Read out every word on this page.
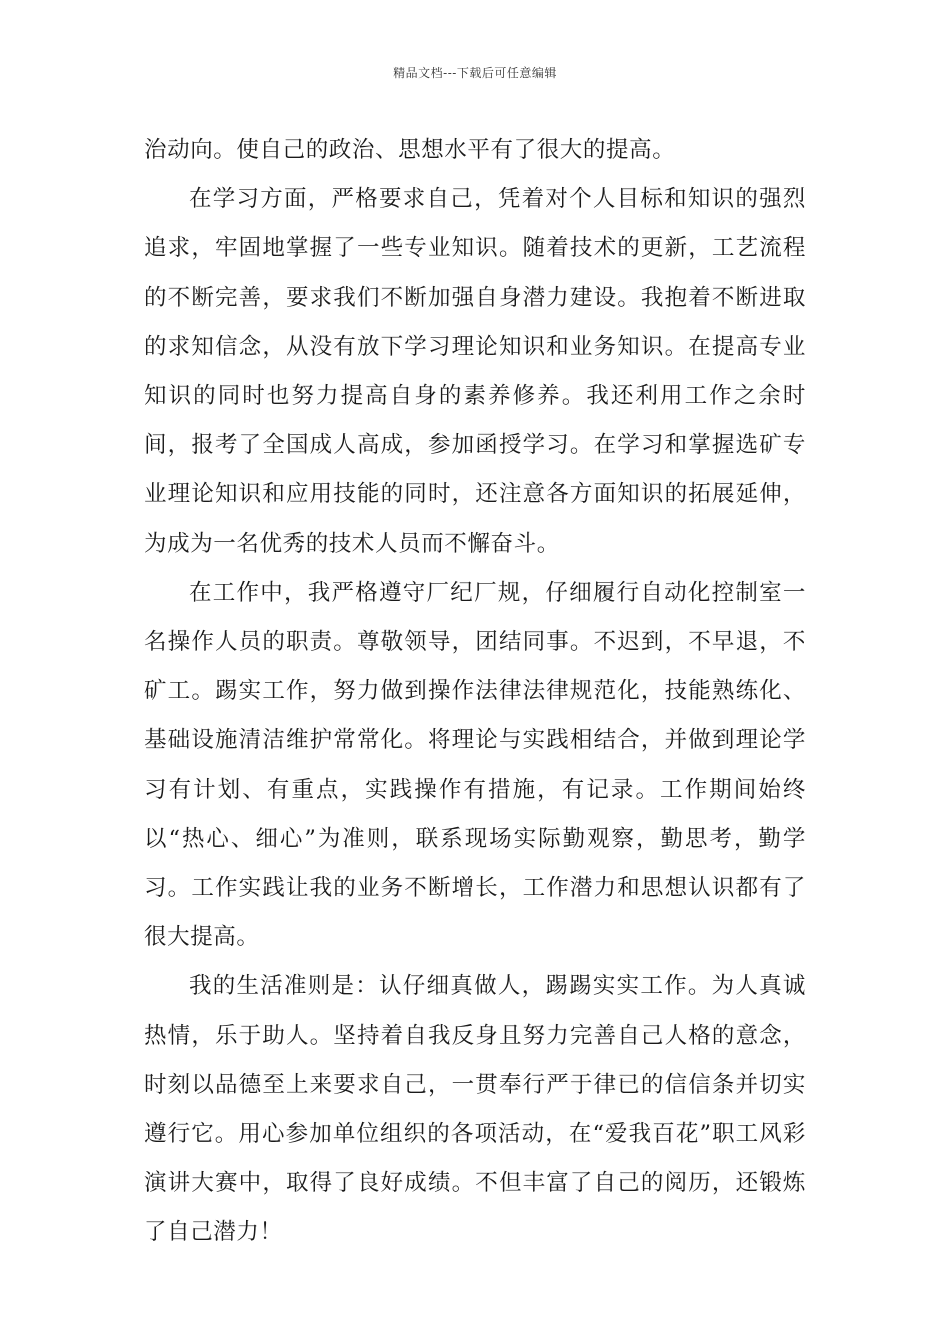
精品文档---下载后可任意编辑

治动向。使自己的政治、思想水平有了很大的提高。

在学习方面，严格要求自己，凭着对个人目标和知识的强烈追求，牢固地掌握了一些专业知识。随着技术的更新，工艺流程的不断完善，要求我们不断加强自身潜力建设。我抱着不断进取的求知信念，从没有放下学习理论知识和业务知识。在提高专业知识的同时也努力提高自身的素养修养。我还利用工作之余时间，报考了全国成人高成，参加函授学习。在学习和掌握选矿专业理论知识和应用技能的同时，还注意各方面知识的拓展延伸，为成为一名优秀的技术人员而不懈奋斗。

在工作中，我严格遵守厂纪厂规，仔细履行自动化控制室一名操作人员的职责。尊敬领导，团结同事。不迟到，不早退，不矿工。踢实工作，努力做到操作法律法律规范化，技能熟练化、基础设施清洁维护常常化。将理论与实践相结合，并做到理论学习有计划、有重点，实践操作有措施，有记录。工作期间始终以“热心、细心”为准则，联系现场实际勤观察，勤思考，勤学习。工作实践让我的业务不断增长，工作潜力和思想认识都有了很大提高。

我的生活准则是：认仔细真做人，踢踢实实工作。为人真诚热情，乐于助人。坚持着自我反身且努力完善自己人格的意念，时刻以品德至上来要求自己，一贯奉行严于律已的信信条并切实遵行它。用心参加单位组织的各项活动，在“爱我百花”职工风彩演讲大赛中，取得了良好成绩。不但丰富了自己的阅历，还锻炼了自己潜力！
